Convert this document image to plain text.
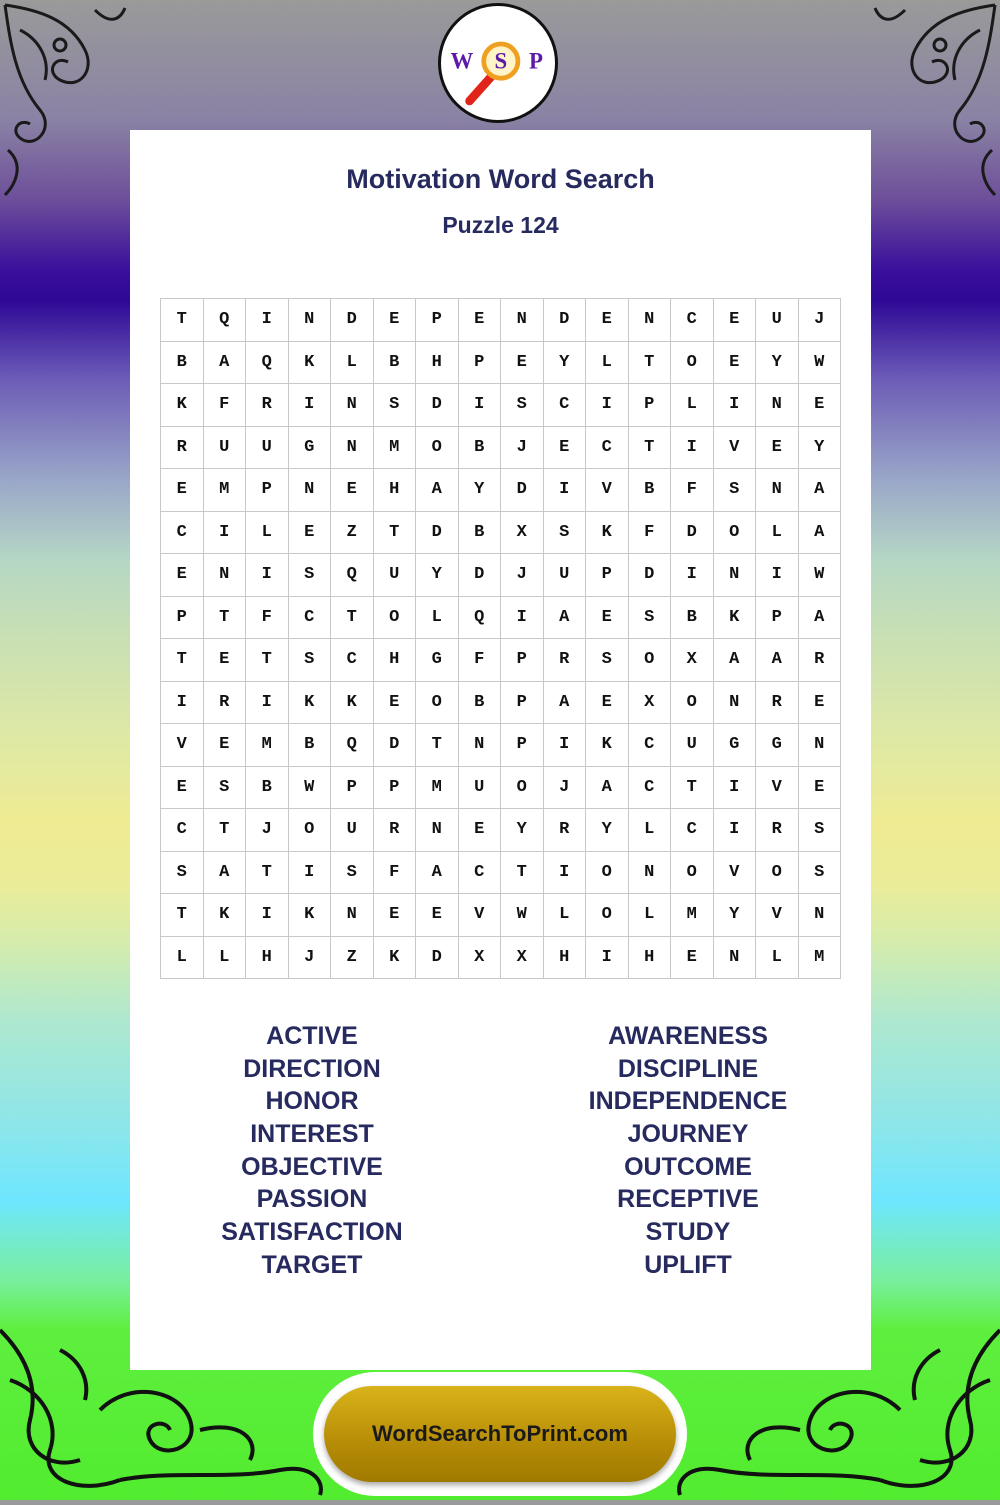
S
W P
Motivation Word Search
Puzzle 124
T	Q	I	N	D	E	P	E	N	D	E	N	C	E	U	J
B	A	Q	K	L	B	H	P	E	Y	L	T	O	E	Y	W
K	F	R	I	N	S	D	I	S	C	I	P	L	I	N	E
R	U	U	G	N	M	O	B	J	E	C	T	I	V	E	Y
E	M	P	N	E	H	A	Y	D	I	V	B	F	S	N	A
C	I	L	E	Z	T	D	B	X	S	K	F	D	O	L	A
E	N	I	S	Q	U	Y	D	J	U	P	D	I	N	I	W
P	T	F	C	T	O	L	Q	I	A	E	S	B	K	P	A
T	E	T	S	C	H	G	F	P	R	S	O	X	A	A	R
I	R	I	K	K	E	O	B	P	A	E	X	O	N	R	E
V	E	M	B	Q	D	T	N	P	I	K	C	U	G	G	N
E	S	B	W	P	P	M	U	O	J	A	C	T	I	V	E
C	T	J	O	U	R	N	E	Y	R	Y	L	C	I	R	S
S	A	T	I	S	F	A	C	T	I	O	N	O	V	O	S
T	K	I	K	N	E	E	V	W	L	O	L	M	Y	V	N
L	L	H	J	Z	K	D	X	X	H	I	H	E	N	L	M
ACTIVE
DIRECTION
HONOR
INTEREST
OBJECTIVE
PASSION
SATISFACTION
TARGET
AWARENESS
DISCIPLINE
INDEPENDENCE
JOURNEY
OUTCOME
RECEPTIVE
STUDY
UPLIFT
WordSearchToPrint.com
